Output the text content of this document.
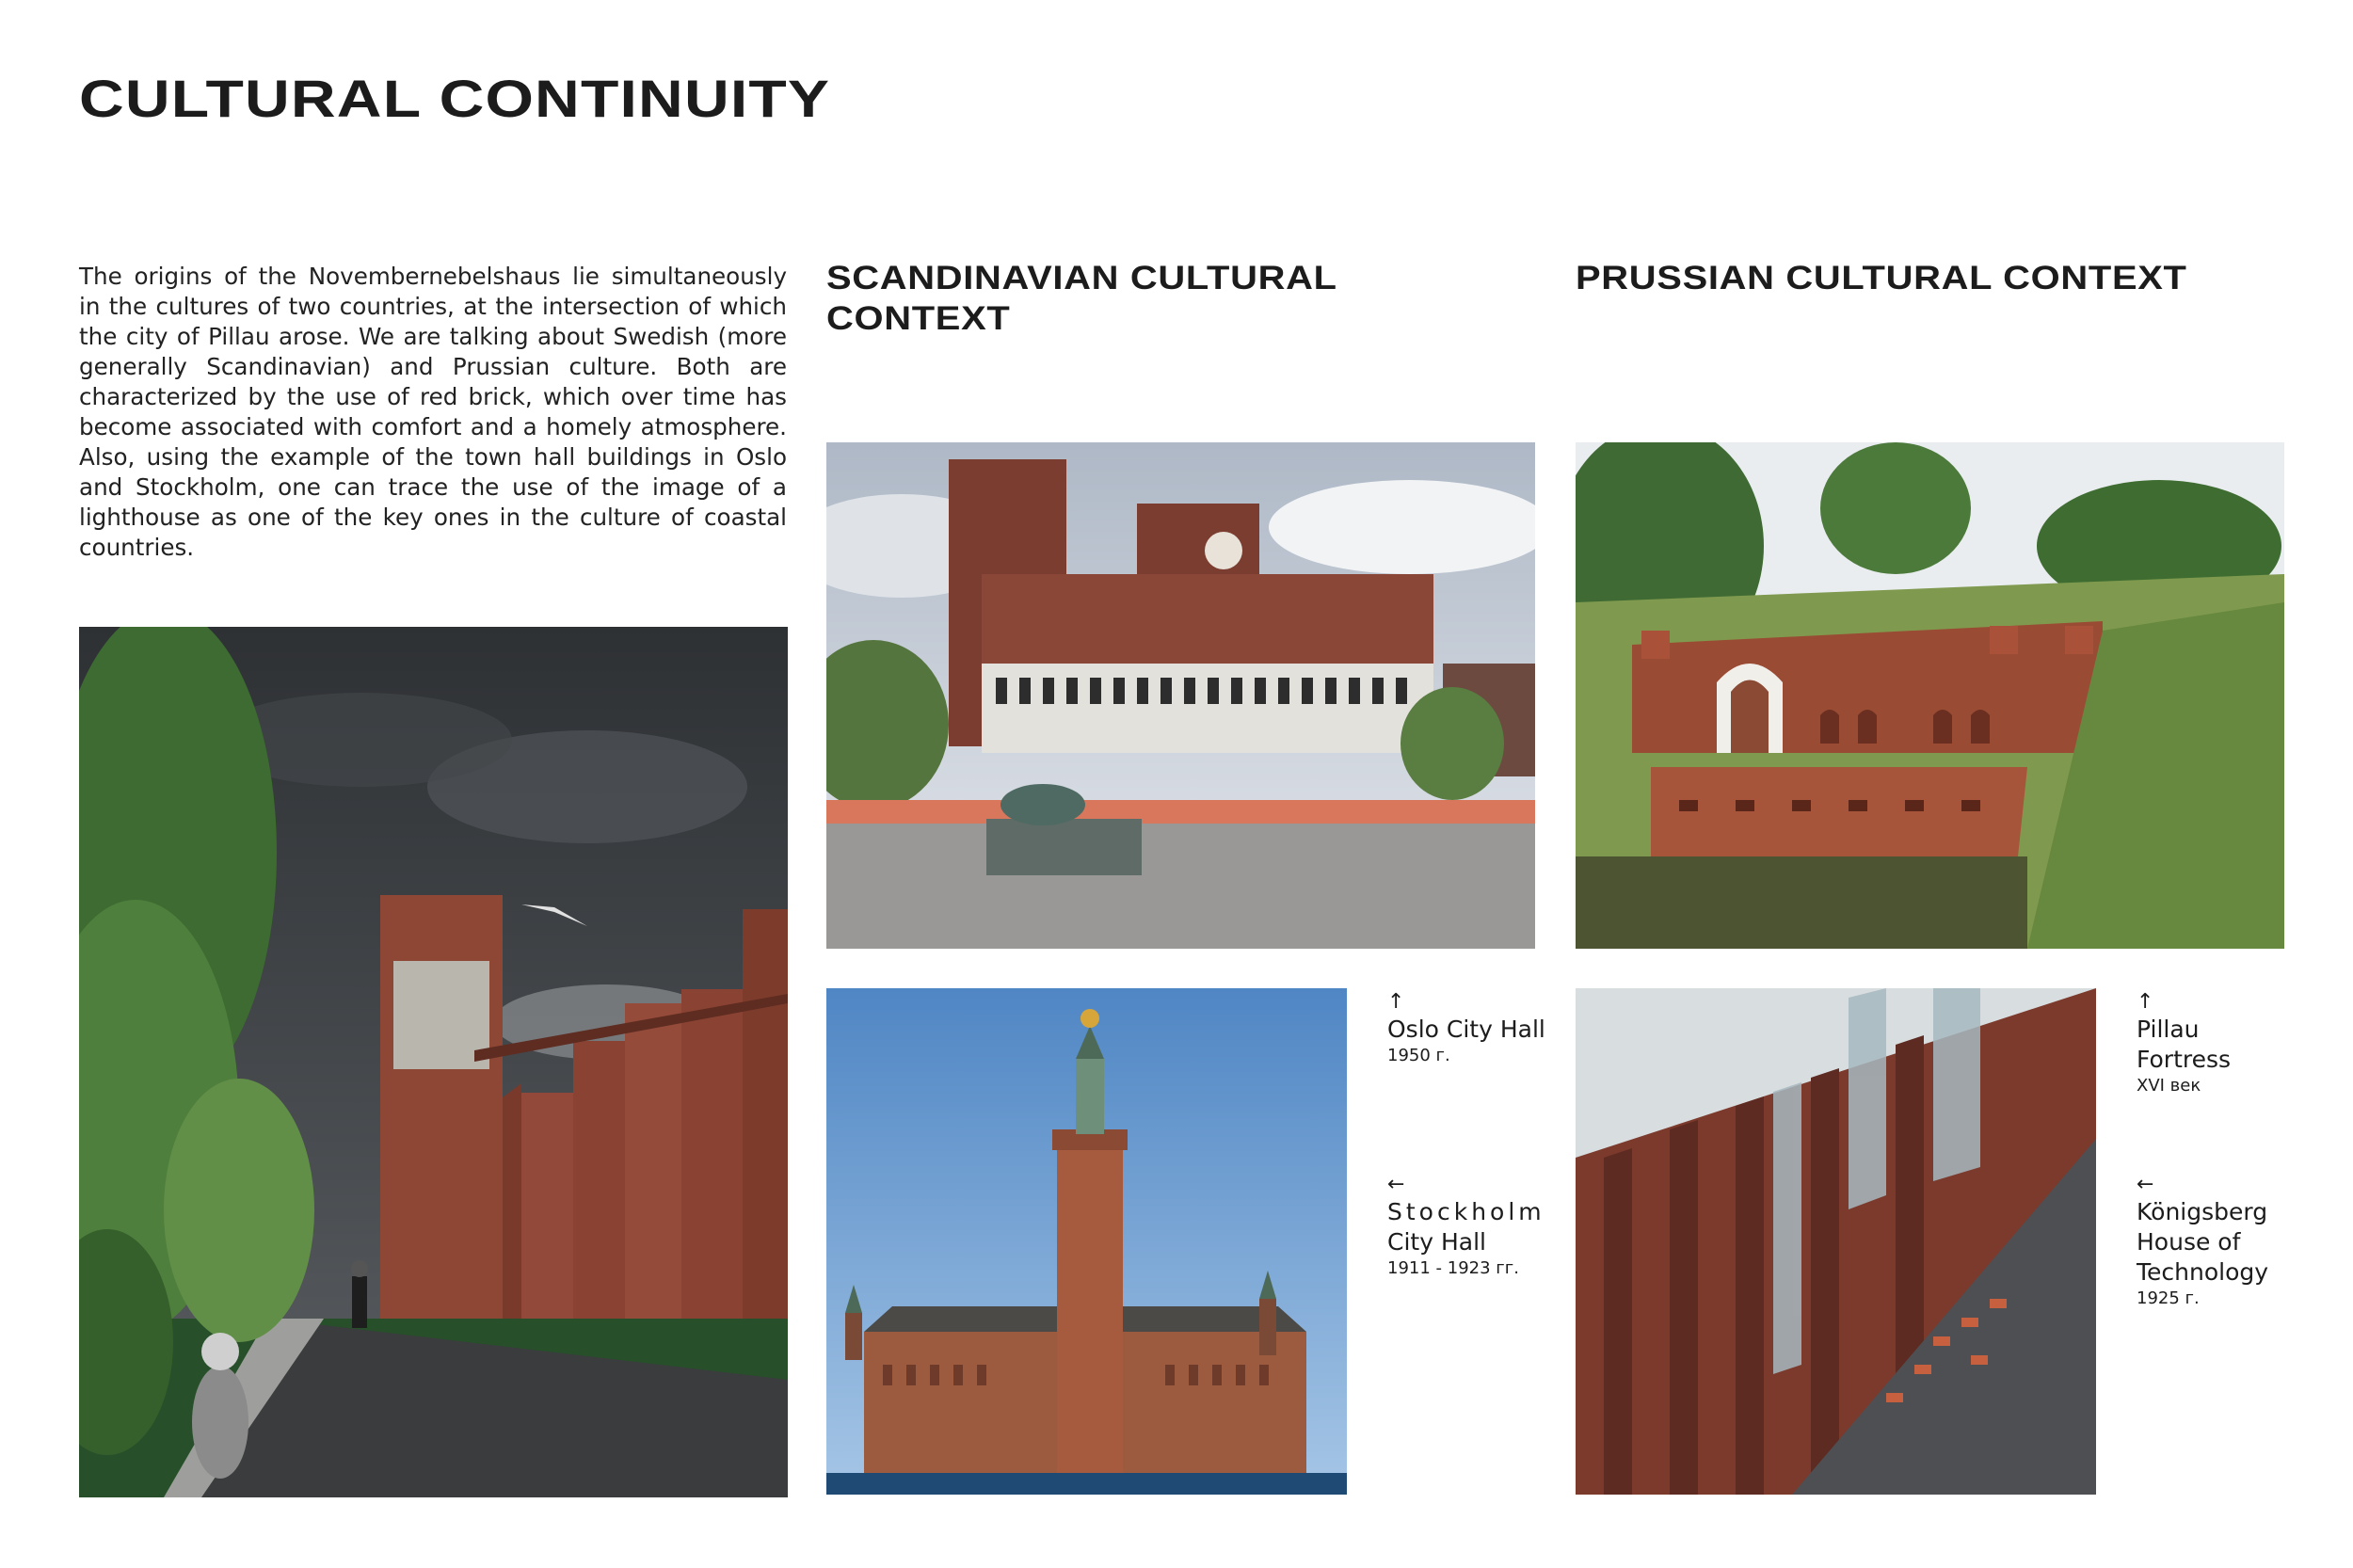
CULTURAL CONTINUITY

The origins of the Novembernebelshaus lie simultaneously in the cultures of two countries, at the intersection of which the city of Pillau arose. We are talking about Swedish (more generally Scandinavian) and Prussian culture. Both are characterized by the use of red brick, which over time has become associated with comfort and a homely atmosphere. Also, using the example of the town hall buildings in Oslo and Stockholm, one can trace the use of the image of a lighthouse as one of the key ones in the culture of coastal countries.

SCANDINAVIAN CULTURAL
CONTEXT
↑
Oslo City Hall
1950 г.
←
Stockholm
City Hall
1911 - 1923 гг.
PRUSSIAN CULTURAL CONTEXT
↑
Pillau
Fortress
XVI век
←
Königsberg
House of
Technology
1925 г.
